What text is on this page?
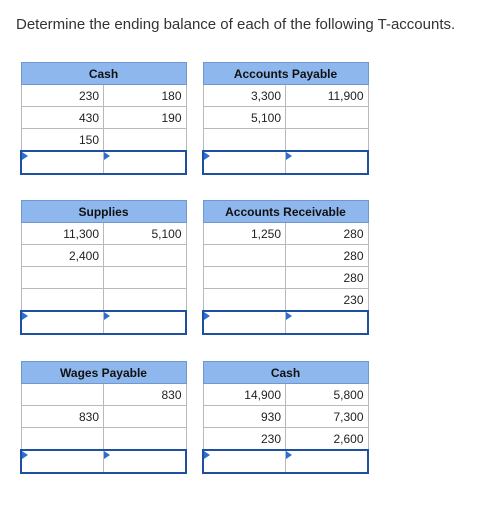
Determine the ending balance of each of the following T-accounts.
Cash	
230	180
430	190
150	

Accounts Payable	
3,300	11,900
5,100	

Supplies	
11,300	5,100
2,400	

Accounts Receivable	
1,250	280
	280
	280
	230

Wages Payable	
	830
830	

Cash	
14,900	5,800
930	7,300
230	2,600
